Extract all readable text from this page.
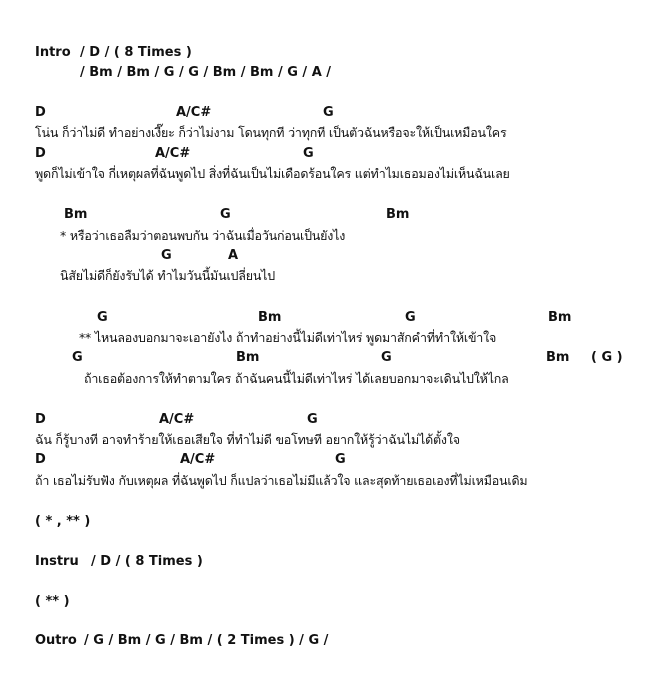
Intro / D / ( 8 Times )
/ Bm / Bm / G / G / Bm / Bm / G / A /
D	A/C#	G
โน่น ก็ว่าไม่ดี ทำอย่างเงี๊ยะ ก็ว่าไม่งาม โดนทุกที ว่าทุกที เป็นตัวฉันหรือจะให้เป็นเหมือนใคร
D	A/C#	G
พูดก็ไม่เข้าใจ กี่เหตุผลที่ฉันพูดไป สิ่งที่ฉันเป็นไม่เดือดร้อนใคร แต่ทำไมเธอมองไม่เห็นฉันเลย
Bm	G	Bm
* หรือว่าเธอลืมว่าตอนพบกัน ว่าฉันเมื่อวันก่อนเป็นยังไง
G	A
นิสัยไม่ดีก็ยังรับได้ ทำไมวันนี้มันเปลี่ยนไป
G	Bm	G	Bm
** ไหนลองบอกมาจะเอายังไง ถ้าทำอย่างนี้ไม่ดีเท่าไหร่ พูดมาสักคำที่ทำให้เข้าใจ
G	Bm	G	Bm ( G )
ถ้าเธอต้องการให้ทำตามใคร ถ้าฉันคนนี้ไม่ดีเท่าไหร่ ได้เลยบอกมาจะเดินไปให้ไกล
D	A/C#	G
ฉัน ก็รู้บางที อาจทำร้ายให้เธอเสียใจ ที่ทำไม่ดี ขอโทษที อยากให้รู้ว่าฉันไม่ได้ตั้งใจ
D	A/C#	G
ถ้า เธอไม่รับฟัง กับเหตุผล ที่ฉันพูดไป ก็แปลว่าเธอไม่มีแล้วใจ และสุดท้ายเธอเองที่ไม่เหมือนเดิม
( * , ** )
Instru / D / ( 8 Times )
( ** )
Outro / G / Bm / G / Bm / ( 2 Times ) / G /
